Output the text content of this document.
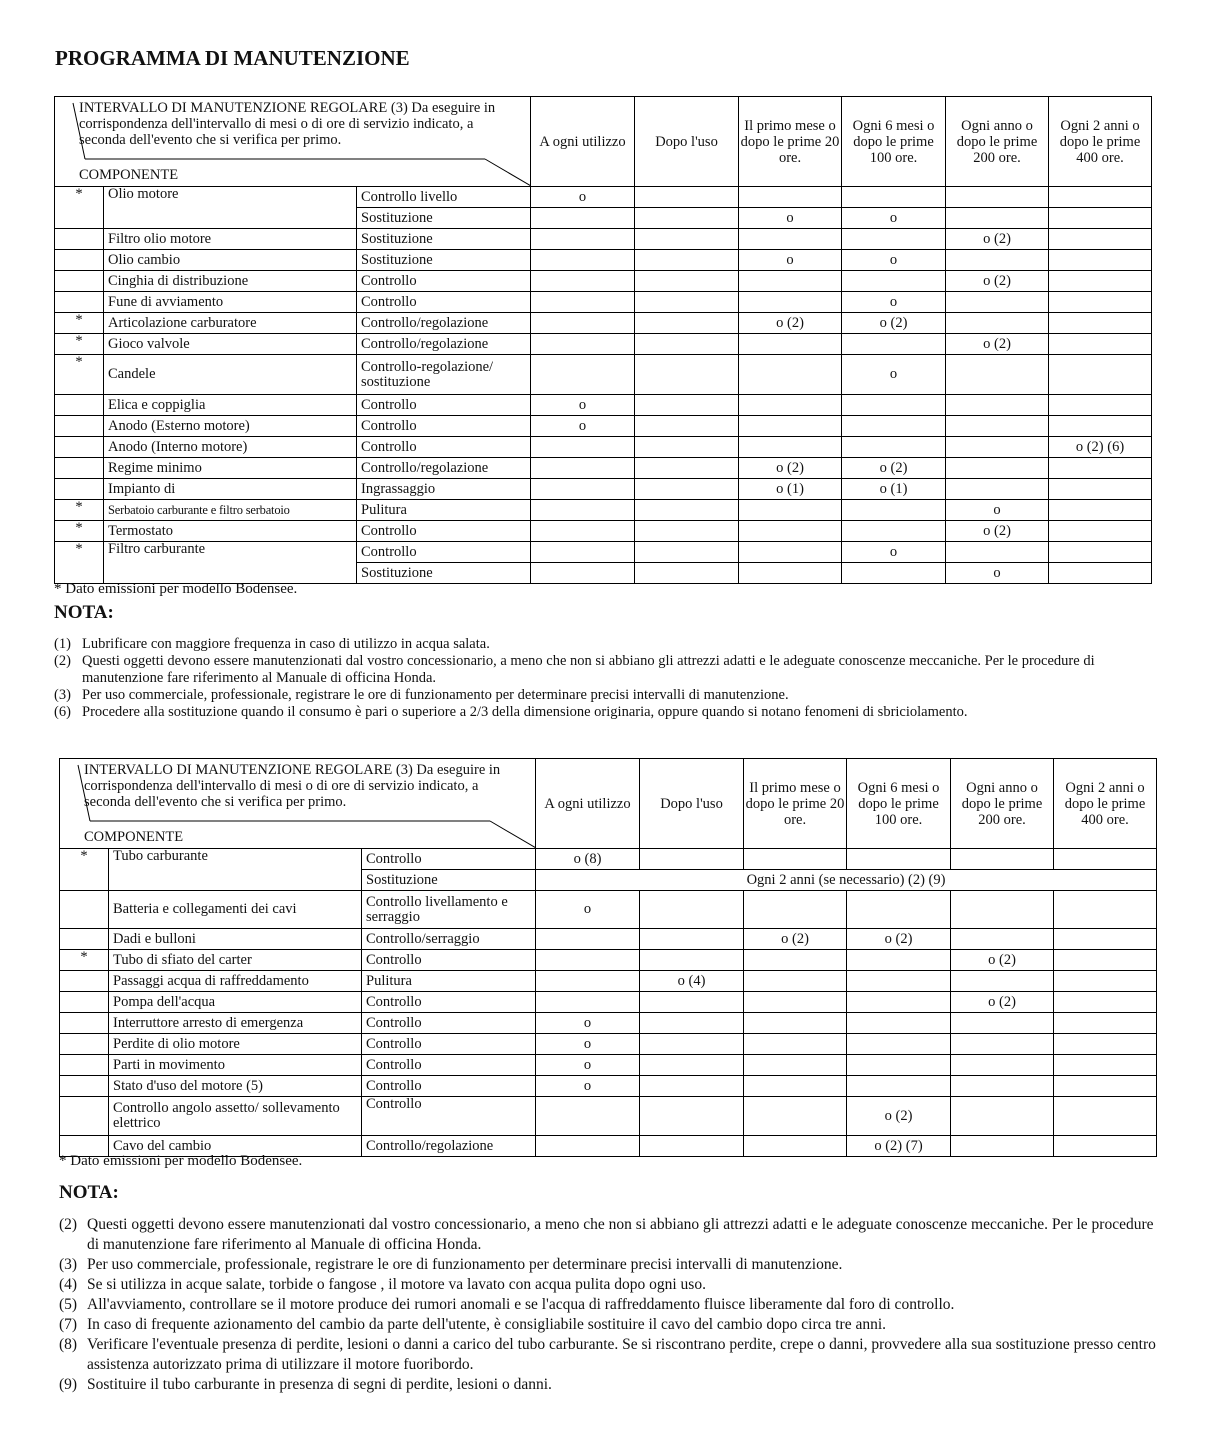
PROGRAMMA DI MANUTENZIONE
INTERVALLO DI MANUTENZIONE REGOLARE (3) Da eseguire in corrispondenza dell'intervallo di mesi o di ore di servizio indicato, a seconda dell'evento che si verifica per primo.
COMPONENTE			A ogni utilizzo	Dopo l'uso	Il primo mese o dopo le prime 20 ore.	Ogni 6 mesi o dopo le prime 100 ore.	Ogni anno o dopo le prime 200 ore.	Ogni 2 anni o dopo le prime 400 ore.
*	Olio motore	Controllo livello	o					
		Sostituzione			o	o		
	Filtro olio motore	Sostituzione					o (2)	
	Olio cambio	Sostituzione			o	o		
	Cinghia di distribuzione	Controllo					o (2)	
	Fune di avviamento	Controllo				o		
*	Articolazione carburatore	Controllo/regolazione			o (2)	o (2)		
*	Gioco valvole	Controllo/regolazione					o (2)	
*	Candele	Controllo-regolazione/ sostituzione				o		
	Elica e coppiglia	Controllo	o					
	Anodo (Esterno motore)	Controllo	o					
	Anodo (Interno motore)	Controllo						o (2) (6)
	Regime minimo	Controllo/regolazione			o (2)	o (2)		
	Impianto di	Ingrassaggio			o (1)	o (1)		
*	Serbatoio carburante e filtro serbatoio	Pulitura					o	
*	Termostato	Controllo					o (2)	
*	Filtro carburante	Controllo				o		
		Sostituzione					o	
* Dato emissioni per modello Bodensee.
NOTA:
(1) Lubrificare con maggiore frequenza in caso di utilizzo in acqua salata.
(2) Questi oggetti devono essere manutenzionati dal vostro concessionario, a meno che non si abbiano gli attrezzi adatti e le adeguate conoscenze meccaniche. Per le procedure di manutenzione fare riferimento al Manuale di officina Honda.
(3) Per uso commerciale, professionale, registrare le ore di funzionamento per determinare precisi intervalli di manutenzione.
(6) Procedere alla sostituzione quando il consumo è pari o superiore a 2/3 della dimensione originaria, oppure quando si notano fenomeni di sbriciolamento.
INTERVALLO DI MANUTENZIONE REGOLARE (3) Da eseguire in corrispondenza dell'intervallo di mesi o di ore di servizio indicato, a seconda dell'evento che si verifica per primo.
COMPONENTE			A ogni utilizzo	Dopo l'uso	Il primo mese o dopo le prime 20 ore.	Ogni 6 mesi o dopo le prime 100 ore.	Ogni anno o dopo le prime 200 ore.	Ogni 2 anni o dopo le prime 400 ore.
*	Tubo carburante	Controllo	o (8)					
		Sostituzione	Ogni 2 anni (se necessario) (2) (9)					
	Batteria e collegamenti dei cavi	Controllo livellamento e serraggio	o					
	Dadi e bulloni	Controllo/serraggio			o (2)	o (2)		
*	Tubo di sfiato del carter	Controllo					o (2)	
	Passaggi acqua di raffreddamento	Pulitura		o (4)				
	Pompa dell'acqua	Controllo					o (2)	
	Interruttore arresto di emergenza	Controllo	o					
	Perdite di olio motore	Controllo	o					
	Parti in movimento	Controllo	o					
	Stato d'uso del motore (5)	Controllo	o					
	Controllo angolo assetto/ sollevamento elettrico	Controllo				o (2)		
	Cavo del cambio	Controllo/regolazione				o (2) (7)		
* Dato emissioni per modello Bodensee.
NOTA:
(2) Questi oggetti devono essere manutenzionati dal vostro concessionario, a meno che non si abbiano gli attrezzi adatti e le adeguate conoscenze meccaniche. Per le procedure di manutenzione fare riferimento al Manuale di officina Honda.
(3) Per uso commerciale, professionale, registrare le ore di funzionamento per determinare precisi intervalli di manutenzione.
(4) Se si utilizza in acque salate, torbide o fangose , il motore va lavato con acqua pulita dopo ogni uso.
(5) All'avviamento, controllare se il motore produce dei rumori anomali e se l'acqua di raffreddamento fluisce liberamente dal foro di controllo.
(7) In caso di frequente azionamento del cambio da parte dell'utente, è consigliabile sostituire il cavo del cambio dopo circa tre anni.
(8) Verificare l'eventuale presenza di perdite, lesioni o danni a carico del tubo carburante. Se si riscontrano perdite, crepe o danni, provvedere alla sua sostituzione presso centro assistenza autorizzato prima di utilizzare il motore fuoribordo.
(9) Sostituire il tubo carburante in presenza di segni di perdite, lesioni o danni.
